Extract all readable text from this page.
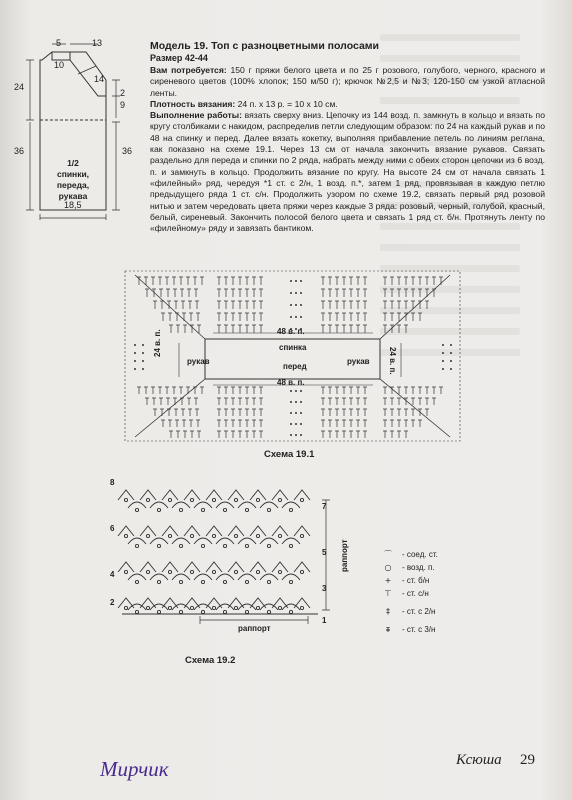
5	13
10
14
24
2
9
36	36
18,5
1/2 спинки, переда, рукава

Модель 19. Топ с разноцветными полосами

Размер 42-44

Вам потребуется: 150 г пряжи белого цвета и по 25 г розового, голубого, черного, красного и сиреневого цветов (100% хлопок; 150 м/50 г); крючок №2,5 и №3; 120-150 см узкой атласной ленты.

Плотность вязания: 24 п. х 13 р. = 10 х 10 см.

Выполнение работы: вязать сверху вниз. Цепочку из 144 возд. п. замкнуть в кольцо и вязать по кругу столбиками с накидом, распределив петли следующим образом: по 24 на каждый рукав и по 48 на спинку и перед. Далее вязать кокетку, выполняя прибавление петель по линиям реглана, как показано на схеме 19.1. Через 13 см от начала закончить вязание рукавов. Связать раздельно для переда и спинки по 2 ряда, набрать между ними с обеих сторон цепочки из 6 возд. п. и замкнуть в кольцо. Продолжить вязание по кругу. На высоте 24 см от начала связать 1 «филейный» ряд, чередуя *1 ст. с 2/н, 1 возд. п.*, затем 1 ряд, провязывая в каждую петлю предыдущего ряда 1 ст. с/н. Продолжить узором по схеме 19.2, связать первый ряд розовой нитью и затем чередовать цвета пряжи через каждые 3 ряда: розовый, черный, голубой, красный, белый, сиреневый. Закончить полосой белого цвета и связать 1 ряд ст. б/н. Протянуть ленту по «филейному» ряду и завязать бантиком.

48 в. п.
спинка
перед
48 в. п.
рукав	рукав
24 в. п.
24 в. п.
Схема 19.1
8
6
4
2
7
5
3
1
раппорт
раппорт
Схема 19.2
⌒	- соед. ст.
○	- возд. п.
+	- ст. б/н
⊤	- ст. с/н
‡	- ст. с 2/н
⩨	- ст. с 3/н
Мирчик	Ксюша 29
